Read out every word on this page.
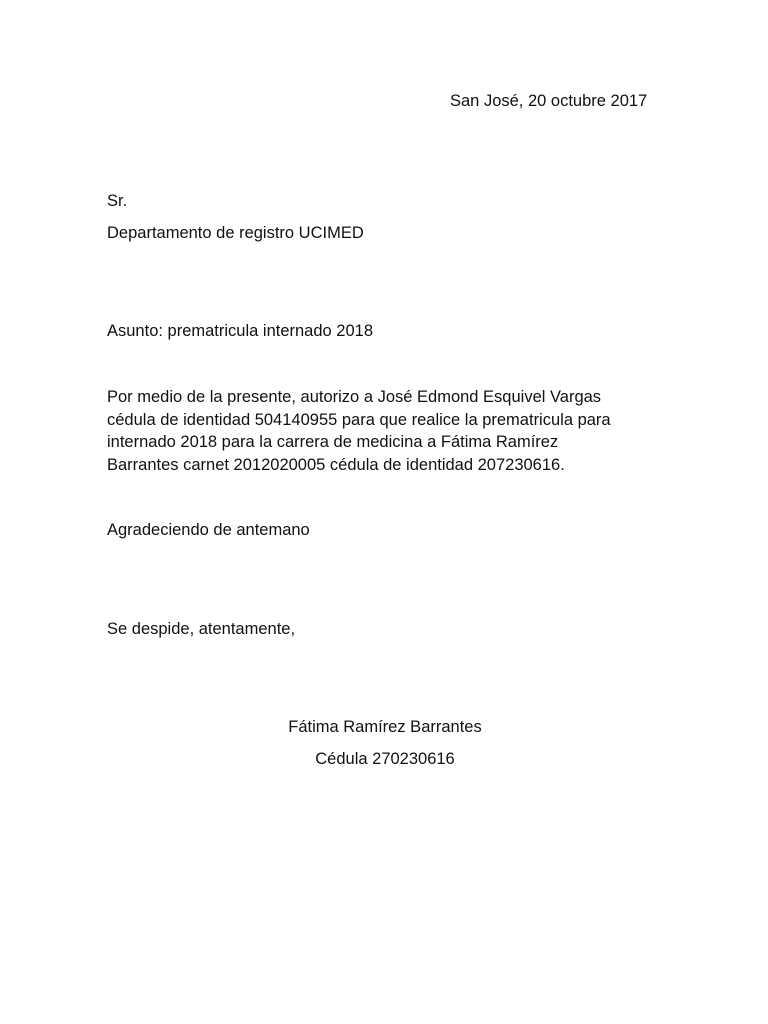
San José, 20 octubre 2017
Sr.
Departamento de registro UCIMED
Asunto: prematricula internado 2018
Por medio de la presente, autorizo a José Edmond Esquivel Vargas
cédula de identidad 504140955 para que realice la prematricula para
internado 2018 para la carrera de medicina a Fátima Ramírez
Barrantes carnet 2012020005 cédula de identidad 207230616.
Agradeciendo de antemano
Se despide, atentamente,
Fátima Ramírez Barrantes
Cédula 270230616
